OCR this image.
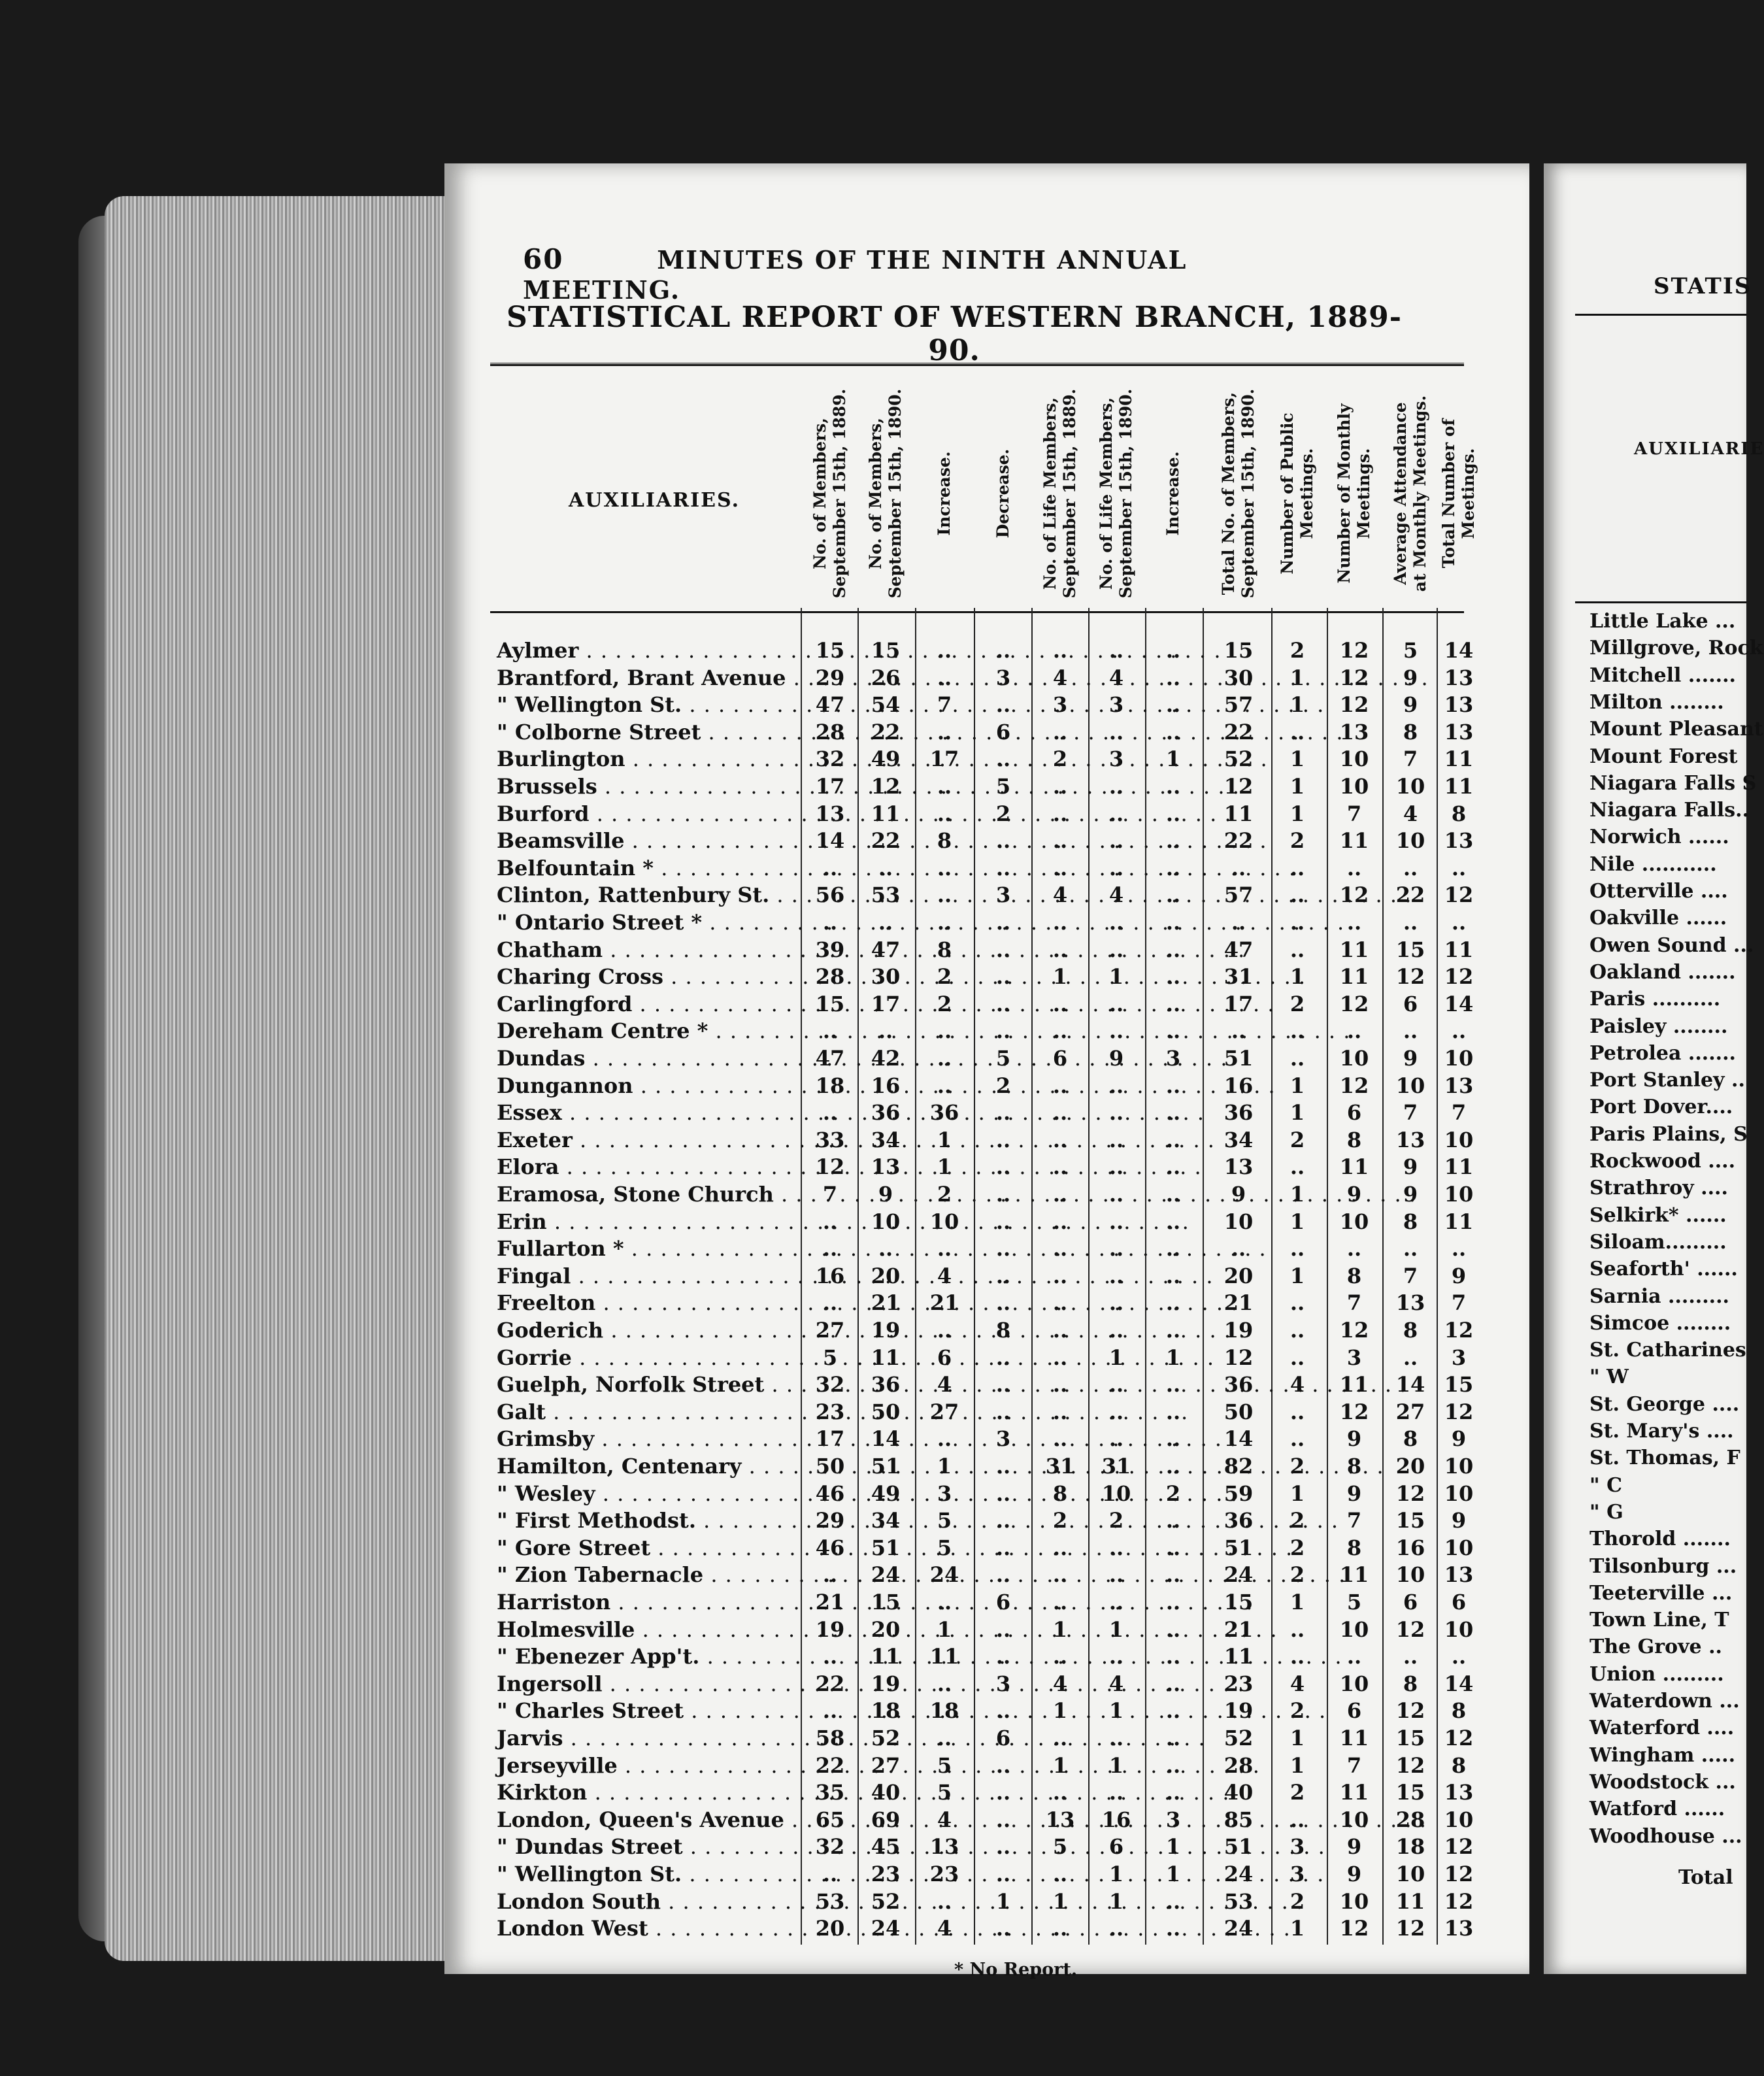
60	MINUTES OF THE NINTH ANNUAL MEETING.
STATISTICAL REPORT OF WESTERN BRANCH, 1889-90.
AUXILIARIES.
No. of Members,
September 15th, 1889.
No. of Members,
September 15th, 1890.
Increase. Decrease.
No. of Life Members,
September 15th, 1889.
No. of Life Members,
September 15th, 1890.
Increase.
Total No. of Members,
September 15th, 1890.
Number of Public
Meetings.
Number of Monthly
Meetings.
Average Attendance
at Monthly Meetings.
Total Number of
Meetings.
Aylmer . . .	15	15	..	..	..	..	..	15	2	12	5	14
Brantford, Brant Avenue . . .	29	26	..	3	4	4	..	30	1	12	9	13
" Wellington St. . . .	47	54	7	..	3	3	..	57	1	12	9	13
" Colborne Street . . .	28	22	..	6	..	..	..	22	..	13	8	13
Burlington . . .	32	49	17	..	2	3	1	52	1	10	7	11
Brussels . . .	17	12	..	5	..	..	..	12	1	10	10 11
Burford . . .	13	11	..	2	..	..	..	11	1	7	4	8
Beamsville . . .	14	22	8	..	..	..	..	22	2	11	10 13
Belfountain * . . .	..	..	..	..	..	..	..	..	..	..	..	..
Clinton, Rattenbury St. . . .	56	53	..	3	4	4	..	57	..	12	22 12
" Ontario Street * . . .	..	..	..	..	..	..	..	..	..	..	..	..
Chatham . . .	39	47	8	..	..	..	..	47	..	11	15 11
Charing Cross . . .	28	30	2	..	1	1	..	31	1	11	12 12
Carlingford . . .	15	17	2	..	..	..	..	17	2	12	6	14
Dereham Centre * . . .	..	..	..	..	..	..	..	..	..	..	..	..
Dundas . . .	47	42	..	5	6	9	3	51	..	10	9	10
Dungannon . . .	18	16	..	2	..	..	..	16	1	12	10 13
Essex . . .	..	36	36	..	..	..	..	36	1	6	7	7
Exeter . . .	33	34	1	..	..	..	..	34	2	8	13 10
Elora . . .	12	13	1	..	..	..	..	13	..	11	9	11
Eramosa, Stone Church . . .	7	9	2	..	..	..	..	9	1	9	9	10
Erin . . .	..	10	10	..	..	..	..	10	1	10	8	11
Fullarton * . . .	..	..	..	..	..	..	..	..	..	..	..	..
Fingal . . .	16	20	4	..	..	..	..	20	1	8	7	9
Freelton . . .	..	21	21	..	..	..	..	21	..	7	13	7
Goderich . . .	27	19	..	8	..	..	..	19	..	12	8	12
Gorrie . . .	5	11	6	..	..	1	1	12	..	3	..	3
Guelph, Norfolk Street . . .	32	36	4	..	..	..	..	36	4	11	14 15
Galt . . .	23	50	27	..	..	..	..	50	..	12	27 12
Grimsby . . .	17	14	..	3	..	..	..	14	..	9	8	9
Hamilton, Centenary . . .	50	51	1	..	31	31	..	82	2	8	20 10
" Wesley . . .	46	49	3	..	8	10	2	59	1	9	12 10
" First Methodst. . . .	29	34	5	..	2	2	..	36	2	7	15	9
" Gore Street . . .	46	51	5	..	..	..	..	51	2	8	16 10
" Zion Tabernacle . . .	..	24	24	..	..	..	..	24	2	11	10 13
Harriston . . .	21	15	..	6	..	..	..	15	1	5	6	6
Holmesville . . .	19	20	1	..	1	1	..	21	..	10	12 10
" Ebenezer App't. . . .	..	11	11	..	..	..	..	11	..	..	..	..
Ingersoll . . .	22	19	..	3	4	4	..	23	4	10	8	14
" Charles Street . . .	..	18	18	..	1	1	..	19	2	6	12	8
Jarvis . . .	58	52	..	6	..	..	..	52	1	11	15 12
Jerseyville . . .	22	27	5	..	1	1	..	28	1	7	12	8
Kirkton . . .	35	40	5	..	..	..	..	40	2	11	15 13
London, Queen's Avenue . . .	65	69	4	..	13	16	3	85	..	10	28 10
" Dundas Street . . .	32	45	13	..	5	6	1	51	3	9	18 12
" Wellington St. . . .	..	23	23	..	..	1	1	24	3	9	10 12
London South . . .	53	52	..	1	1	1	..	53	2	10	11 12
London West . . .	20	24	4	..	..	..	..	24	1	12	12 13
* No Report.
STATIS
AUXILIARIE
Little Lake ...
Millgrove, Rock
Mitchell .......
Milton ........
Mount Pleasant
Mount Forest
Niagara Falls S
Niagara Falls..
Norwich ......
Nile ...........
Otterville ....
Oakville ......
Owen Sound ...
Oakland .......
Paris ..........
Paisley ........
Petrolea .......
Port Stanley ..
Port Dover....
Paris Plains, S
Rockwood ....
Strathroy ....
Selkirk* ......
Siloam.........
Seaforth' ......
Sarnia .........
Simcoe ........
St. Catharines
" W
St. George ....
St. Mary's ....
St. Thomas, F
" C
" G
Thorold .......
Tilsonburg ...
Teeterville ...
Town Line, T
The Grove ..
Union .........
Waterdown ...
Waterford ....
Wingham .....
Woodstock ...
Watford ......
Woodhouse ...
Total
